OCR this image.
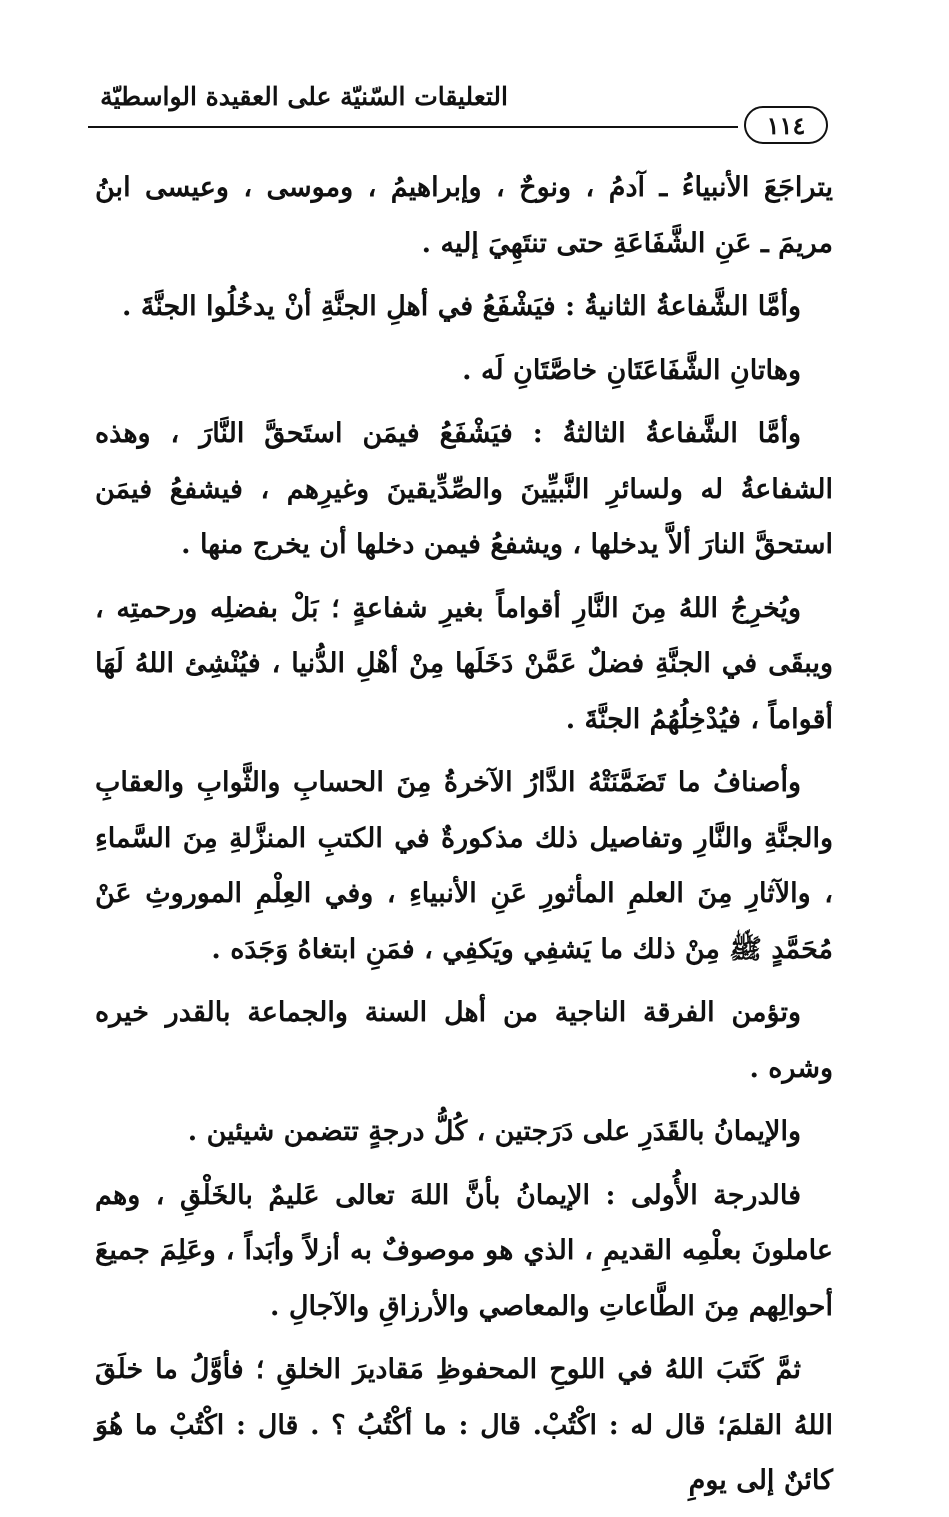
التعليقات السّنيّة على العقيدة الواسطيّة
١١٤

يتراجَعَ الأنبياءُ ـ آدمُ ، ونوحٌ ، وإبراهيمُ ، وموسى ، وعيسى ابنُ مريمَ ـ عَنِ الشَّفَاعَةِ حتى تنتَهِيَ إليه .

وأمَّا الشَّفاعةُ الثانيةُ : فيَشْفَعُ في أهلِ الجنَّةِ أنْ يدخُلُوا الجنَّةَ .

وهاتانِ الشَّفَاعَتَانِ خاصَّتَانِ لَه .

وأمَّا الشَّفاعةُ الثالثةُ : فيَشْفَعُ فيمَن استَحقَّ النَّارَ ، وهذه الشفاعةُ له ولسائرِ النَّبيِّينَ والصِّدِّيقينَ وغيرِهم ، فيشفعُ فيمَن استحقَّ النارَ ألاَّ يدخلها ، ويشفعُ فيمن دخلها أن يخرج منها .

ويُخرِجُ اللهُ مِنَ النَّارِ أقواماً بغيرِ شفاعةٍ ؛ بَلْ بفضلِه ورحمتِه ، ويبقَى في الجنَّةِ فضلٌ عَمَّنْ دَخَلَها مِنْ أهْلِ الدُّنيا ، فيُنْشِئ اللهُ لَهَا أقواماً ، فيُدْخِلُهُمُ الجنَّةَ .

وأصنافُ ما تَضَمَّنَتْهُ الدَّارُ الآخرةُ مِنَ الحسابِ والثَّوابِ والعقابِ والجنَّةِ والنَّارِ وتفاصيل ذلك مذكورةٌ في الكتبِ المنزَّلةِ مِنَ السَّماءِ ، والآثارِ مِنَ العلمِ المأثورِ عَنِ الأنبياءِ ، وفي العِلْمِ الموروثِ عَنْ مُحَمَّدٍ ﷺ مِنْ ذلك ما يَشفِي ويَكفِي ، فمَنِ ابتغاهُ وَجَدَه .

وتؤمن الفرقة الناجية من أهل السنة والجماعة بالقدر خيره وشره .

والإيمانُ بالقَدَرِ على دَرَجتين ، كُلُّ درجةٍ تتضمن شيئين .

فالدرجة الأُولى : الإيمانُ بأنَّ اللهَ تعالى عَليمٌ بالخَلْقِ ، وهم عاملونَ بعلْمِه القديمِ ، الذي هو موصوفٌ به أزلاً وأبَداً ، وعَلِمَ جميعَ أحوالِهم مِنَ الطَّاعاتِ والمعاصي والأرزاقِ والآجالِ .

ثمَّ كَتَبَ اللهُ في اللوحِ المحفوظِ مَقاديرَ الخلقِ ؛ فأوَّلُ ما خلَقَ اللهُ القلمَ؛ قال له : اكْتُبْ. قال : ما أكْتُبُ ؟ . قال : اكْتُبْ ما هُوَ كائنٌ إلى يومِ
